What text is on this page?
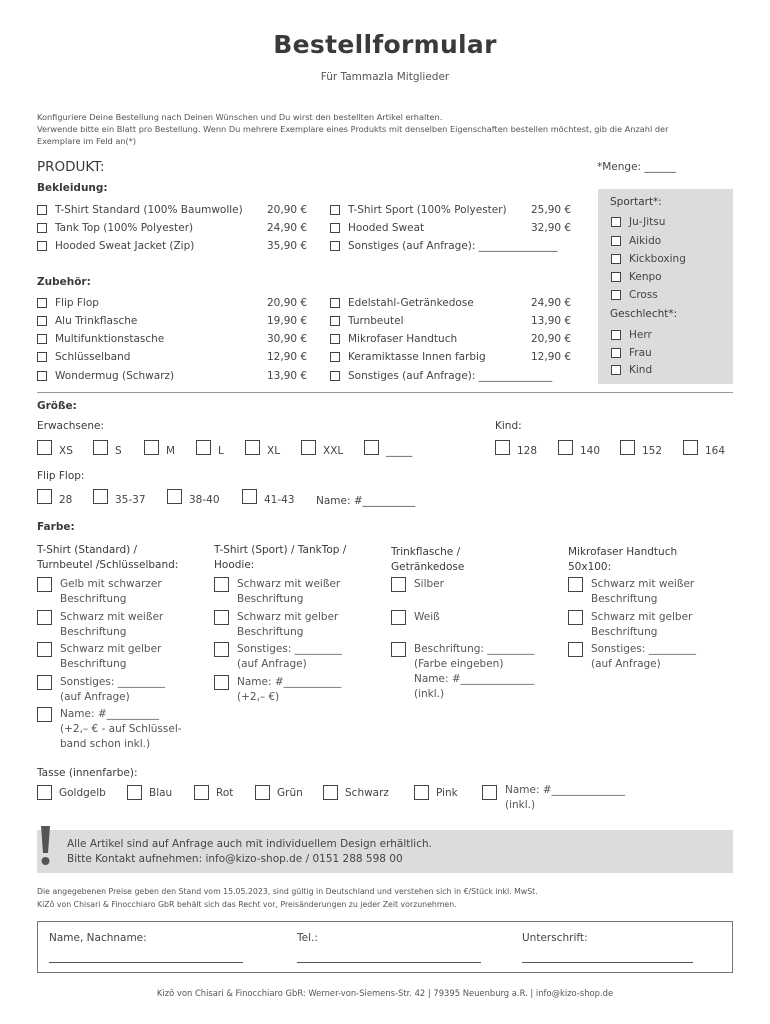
Bestellformular
Für Tammazla Mitglieder
Konfiguriere Deine Bestellung nach Deinen Wünschen und Du wirst den bestellten Artikel erhalten.
Verwende bitte ein Blatt pro Bestellung. Wenn Du mehrere Exemplare eines Produkts mit denselben Eigenschaften bestellen möchtest, gib die Anzahl der
Exemplare im Feld an(*)
PRODUKT:	*Menge: ______
Bekleidung:
T-Shirt Standard (100% Baumwolle) 20,90 €
Tank Top (100% Polyester)	24,90 €
Hooded Sweat Jacket (Zip)	35,90 €
T-Shirt Sport (100% Polyester) 25,90 €
Hooded Sweat	32,90 €
Sonstiges (auf Anfrage): _______________
Zubehör:
Flip Flop	20,90 €
Alu Trinkflasche	19,90 €
Multifunktionstasche	30,90 €
Schlüsselband	12,90 €
Wondermug (Schwarz)	13,90 €
Edelstahl-Getränkedose	24,90 €
Turnbeutel	13,90 €
Mikrofaser Handtuch	20,90 €
Keramiktasse Innen farbig	12,90 €
Sonstiges (auf Anfrage): ______________
Sportart*:
Ju-Jitsu
Aikido
Kickboxing
Kenpo
Cross
Geschlecht*:
Herr
Frau
Kind
Größe:
Erwachsene:
XS	S	M	L	XL	XXL	_____
Kind:
128	140	152	164
Flip Flop:
28	35-37	38-40	41-43 Name: #__________
Farbe:
T-Shirt (Standard) /
Turnbeutel /Schlüsselband:
Gelb mit schwarzer
Beschriftung
Schwarz mit weißer
Beschriftung
Schwarz mit gelber
Beschriftung
Sonstiges: _________
(auf Anfrage)
Name: #__________
(+2,– € - auf Schlüssel-
band schon inkl.)
T-Shirt (Sport) / TankTop /
Hoodie:
Schwarz mit weißer
Beschriftung
Schwarz mit gelber
Beschriftung
Sonstiges: _________
(auf Anfrage)
Name: #___________
(+2,– €)
Trinkflasche /
Getränkedose
Silber
Weiß
Beschriftung: _________
(Farbe eingeben)
Name: #______________
(inkl.)
Mikrofaser Handtuch
50x100:
Schwarz mit weißer
Beschriftung
Schwarz mit gelber
Beschriftung
Sonstiges: _________
(auf Anfrage)
Tasse (innenfarbe):
Goldgelb	Blau	Rot	Grün	Schwarz	Pink	Name: #______________
(inkl.)
Alle Artikel sind auf Anfrage auch mit individuellem Design erhältlich.
Bitte Kontakt aufnehmen: info@kizo-shop.de / 0151 288 598 00
Die angegebenen Preise geben den Stand vom 15.05.2023, sind gültig in Deutschland und verstehen sich in €/Stück inkl. MwSt.
KiZô von Chisari & Finocchiaro GbR behält sich das Recht vor, Preisänderungen zu jeder Zeit vorzunehmen.
Name, Nachname:	Tel.:	Unterschrift:
Kizô von Chisari & Finocchiaro GbR: Werner-von-Siemens-Str. 42 | 79395 Neuenburg a.R. | info@kizo-shop.de
